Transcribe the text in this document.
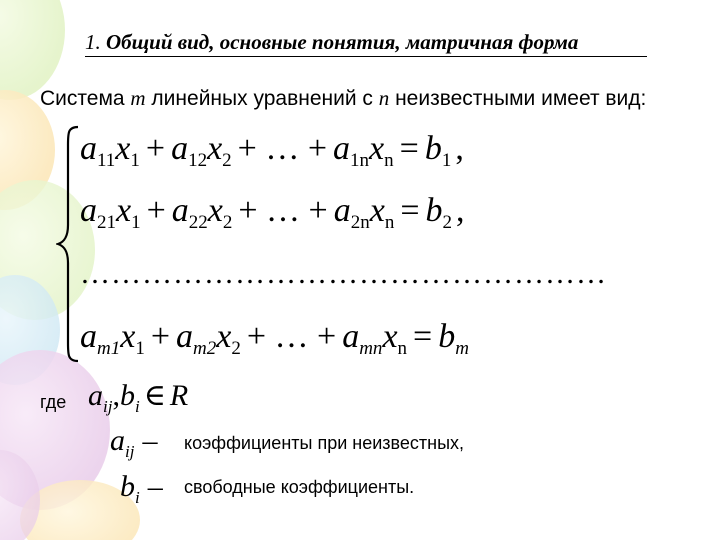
1. Общий вид, основные понятия, матричная форма
Система m линейных уравнений с n неизвестными имеет вид:
$a_{11}x_1 + a_{12}x_2$ + … + $a_{1n}x_n = b_1$ ,
$a_{21}x_1 + a_{22}x_2$ + … + $a_{2n}x_n = b_2$ ,
……………………………………………
$a_{m1}x_1 + a_{m2}x_2$ + … + $a_{mn}x_n = b_m$
где $a_{ij},b_i$ ∈ R
$a_{ij}$ – коэффициенты при неизвестных,
$b_i$ – свободные коэффициенты.
